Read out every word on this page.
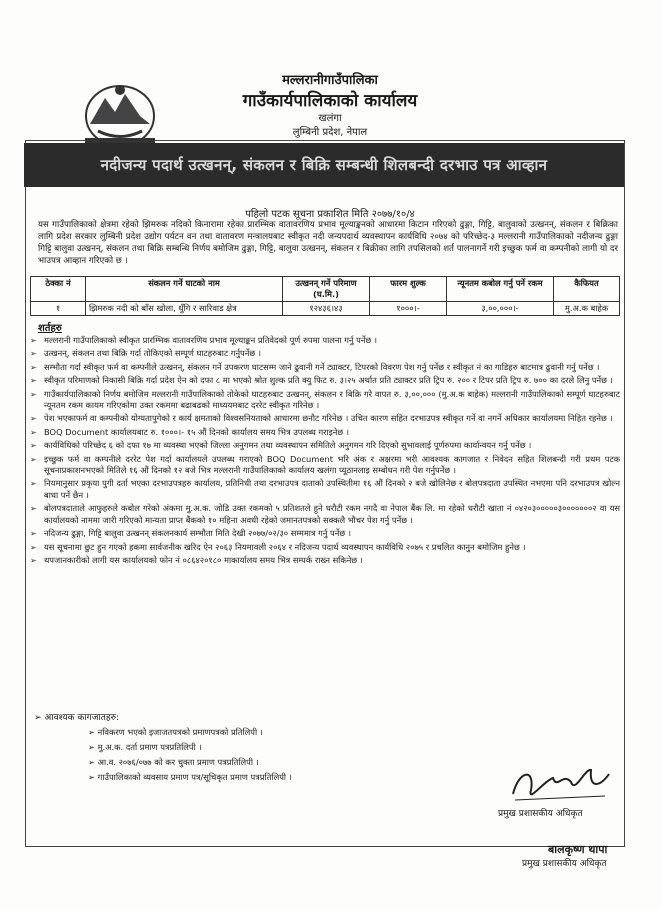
मल्लरानीगाउँपालिका
गाउँकार्यपालिकाको कार्यालय
खलंगा
लुम्बिनी प्रदेश, नेपाल
नदीजन्य पदार्थ उत्खनन्, संकलन र बिक्रि सम्बन्धी शिलबन्दी दरभाउ पत्र आव्हान
पहिलो पटक सूचना प्रकाशित मिति २०७७/१०/४
यस गाउँपालिकाको क्षेत्रमा रहेको झिमरुक नदिको किनारामा रहेका प्रारम्भिक वातावरणिय प्रभाव मूल्याङ्कनको आधारमा किटान गरिएको ढुङ्गा, गिट्टि, बालुवाको उत्खनन्, संकलन र बिक्रिका लागि प्रदेश सरकार लुम्बिनी प्रदेश उद्योग पर्यटन वन तथा वातावरण मन्त्रालयबाट स्वीकृत नदी जन्यपदार्थ व्यवस्थापन कार्यविधि २०७४ को परिच्छेद-३ मल्लरानी गाउँपालिकाको नदीजन्य ढुङ्गा गिट्टि बालुवा उत्खनन्, संकलन तथा बिक्रि सम्बन्धि निर्णय बमोजिम ढुङ्गा, गिट्टि, बालुवा उत्खनन्, संकलन र बिक्रीका लागि तपसिलको शर्त पालनागर्ने गरी इच्छुक फर्म वा कम्पनीको लागी यो दर भाउपत्र आव्हान गरिएको छ ।
ठेक्का नं	संकलन गर्ने घाटको नाम	उत्खनन् गर्ने परिमाण (घ.मि.)	फारम शुल्क	न्यूनतम कबोल गर्नु पर्ने रकम	कैफियत
१	झिमरुक नदी को बाँस खोला, धुँगि र सारिवाड क्षेत्र	१२४३६।४३	१०००।-	३,००,०००।-	मु.अ.क बाहेक
शर्तहरु
➢ मल्लरानी गाउँपालिकाको स्वीकृत प्रारम्भिक वातावरणिय प्रभाव मूल्याङ्कन प्रतिवेदको पूर्ण रुपमा पालना गर्नु पर्नेछ ।
➢ उत्खनन्, संकलन तथा बिक्रि गर्दा तोकिएको सम्पूर्ण घाटहरुबाट गर्नुपर्नेछ ।
➢ सम्भौता गर्दा स्वीकृत फर्म वा कम्पनीले उत्खनन्, संकलन गर्ने उपकरण घाटसम्म जाने ढुवानी गर्ने ट्याक्टर, टिपरको विवरण पेश गर्नु पर्नेछ र स्वीकृत नं का गाडिहरु बाटमात्र ढुवानी गर्नु पर्नेछ ।
➢ स्वीकृत परिमाणको निकासी बिक्रि गर्दा प्रदेश ऐन को दफा ८ मा भएको श्रोत शुल्क प्रति क्यु फिट रु. ३।२५ अर्थात प्रति ट्याक्टर प्रति ट्रिप रु. २०० र टिपर प्रति ट्रिप रु. ७०० का दरले लिनु पर्नेछ ।
➢ गाउँकार्यपालिकाको निर्णय बमोजिम मल्लरानी गाउँपालिकाको तोकेको घाटहरुबाट उत्खनन्, संकलन र बिक्रि गरे वापत रु. ३,००,००० (मु.अ.क बाहेक) मल्लरानी गाउँपालिकाको सम्पूर्ण घाटहरुबाट न्यूनतम रकम कायम गरिएकोमा उक्त रकममा बढाबढको माध्ययमबाट दररेट स्वीकृत गरिनेछ ।
➢ पेश भएकाफर्म वा कम्पनीको योग्यतापुगेको र कार्य क्षमताको विश्वसनियताको आधारमा छनौट गरिनेछ । उचित कारण सहित दरभाउपत्र स्वीकृत गर्ने वा नगर्ने अधिकार कार्यालयमा निहित रहनेछ ।
➢ BOQ Document कार्यालयबाट रु. १०००।- १५ औं दिनको कार्यालय समय भित्र उपलब्ध गराइनेछ ।
➢ कार्यविधिको परिच्छेद ६ को दफा १७ मा व्यवस्था भएको जिल्ला अनुगमन तथा व्यवस्थापन समितिले अनुगमन गरि दिएको सुभावलाई पूर्णरुपमा कार्यान्वयन गर्नु पर्नेछ ।
➢ इच्छुक फर्म वा कम्पनीले दररेट पेश गर्दा कार्यालयले उपलब्ध गराएको BOQ Document भरि अंक र अक्षरमा भरी आवश्यक कागजात र निवेदन सहित शिलबन्दी गरी प्रथम पटक सूचनाप्रकाशनभएको मितिले १६ औं दिनको १२ बजे भित्र मल्लरानी गाउँपालिकाको कार्यालय खलंगा प्यूठानलाइ सम्बोधन गरी पेश गर्नुपर्नेछ ।
➢ नियमानुसार प्रकृया पुगी दर्ता भएका दरभाउपत्रहरु कार्यालय, प्रतिनिधी तथा दरभाउपत्र दाताको उपस्थितीमा १६ औं दिनको २ बजे खोलिनेछ र बोलपत्रदाता उपस्थित नभएमा पनि दरभाउपत्र खोल्न बाधा पर्ने छैन ।
➢ बोलपत्रदाताले आफुहरुले कबोल गरेको अंकमा मु.अ.क. जोडि उक्त रकमको ५ प्रतिशतले हुने धरौटी रकम नगदै वा नेपाल बैंक लि. मा रहेको धरौटी खाता नं ०४२०३०००००३०००००००२ वा यस कार्यालयको नाममा जारी गरिएको मान्यता प्राप्त बैंकको १० महिना अवधी रहेको जमानतपत्रको सक्कलै भौचर पेश गर्नु पर्नेछ ।
➢ नदिजन्य ढुङ्गा, गिट्टि बालुवा उत्खनन् संकलनकार्य सम्भौता मिति देखी २०७७/०२/३० सम्ममात्र गर्नु पर्नेछ ।
➢ यस सूचनामा छुट हुन गएको हकमा सार्वजनीक खरिद ऐन २०६३ नियमावली २०६४ र नदिजन्य पदार्थ व्यवस्थापन कार्यविधि २०७५ र प्रचलित कानुन बमोजिम हुनेछ ।
➢ थपजानकारीको लागी यस कार्यालयको फोन नं ०८६४२०१८० माकार्यालय समय भित्र सम्पर्क राख्न सकिनेछ ।
➢ आवश्यक कागजातहरु:
➢ नविकरण भएको इजाजतपत्रको प्रमाणपत्रको प्रतिलिपी ।
➢ मु.अ.क. दर्ता प्रमाण पत्रप्रतिलिपी ।
➢ आ.व. २०७६/०७७ को कर चुक्ता प्रमाण पत्रप्रतिलिपी ।
➢ गाउँपालिकाको व्यवसाय प्रमाण पत्र/सूचिकृत प्रमाण पत्रप्रतिलिपी ।
प्रमुख प्रशासकीय अधिकृत
बालकृष्ण थापा
प्रमुख प्रशासकीय अधिकृत
